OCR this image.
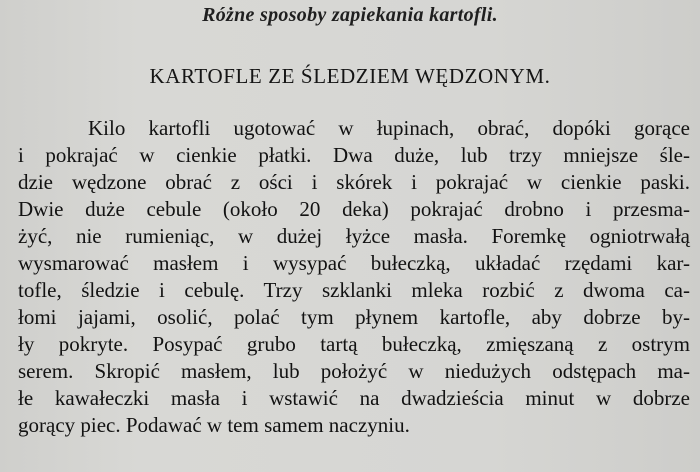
Różne sposoby zapiekania kartofli.
KARTOFLE ZE ŚLEDZIEM WĘDZONYM.
Kilo kartofli ugotować w łupinach, obrać, dopóki gorące
i pokrajać w cienkie płatki. Dwa duże, lub trzy mniejsze śle-
dzie wędzone obrać z ości i skórek i pokrajać w cienkie paski.
Dwie duże cebule (około 20 deka) pokrajać drobno i przesma-
żyć, nie rumieniąc, w dużej łyżce masła. Foremkę ogniotrwałą
wysmarować masłem i wysypać bułeczką, układać rzędami kar-
tofle, śledzie i cebulę. Trzy szklanki mleka rozbić z dwoma ca-
łomi jajami, osolić, polać tym płynem kartofle, aby dobrze by-
ły pokryte. Posypać grubo tartą bułeczką, zmięszaną z ostrym
serem. Skropić masłem, lub położyć w niedużych odstępach ma-
łe kawałeczki masła i wstawić na dwadzieścia minut w dobrze
gorący piec. Podawać w tem samem naczyniu.
